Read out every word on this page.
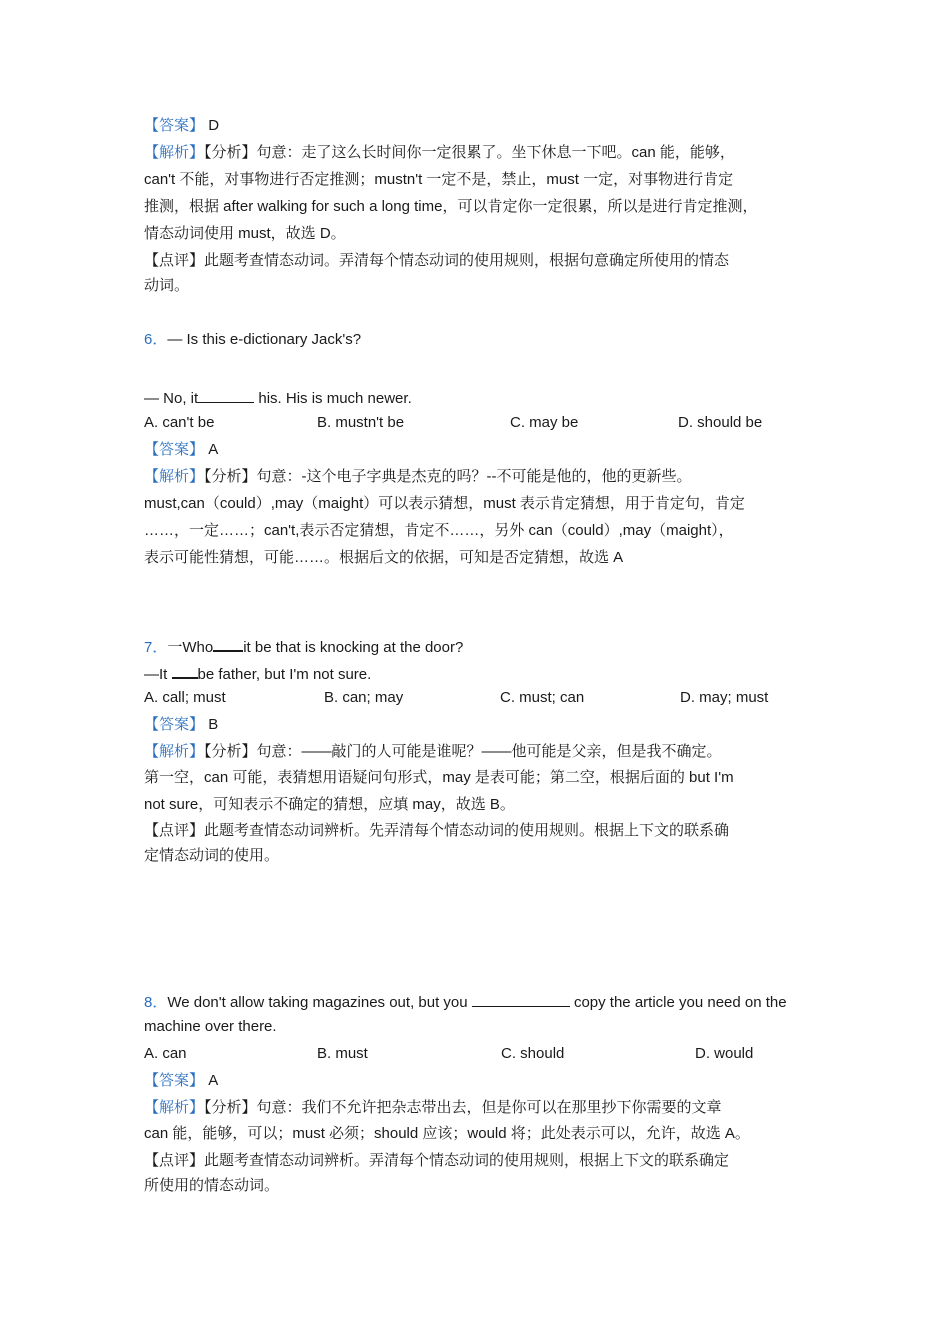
【答案】 D
【解析】【分析】句意：走了这么长时间你一定很累了。坐下休息一下吧。can 能，能够，
can't 不能，对事物进行否定推测；mustn't 一定不是，禁止，must 一定，对事物进行肯定
推测，根据 after walking for such a long time，可以肯定你一定很累，所以是进行肯定推测，
情态动词使用 must，故选 D。
【点评】此题考查情态动词。弄清每个情态动词的使用规则，根据句意确定所使用的情态
动词。
6．— Is this e-dictionary Jack's?
— No, it	his. His is much newer.
A. can't be	B. mustn't be	C. may be	D. should be
【答案】 A
【解析】【分析】句意：-这个电子字典是杰克的吗？--不可能是他的，他的更新些。
must,can（could）,may（maight）可以表示猜想，must 表示肯定猜想，用于肯定句，肯定
……，一定……；can't,表示否定猜想，肯定不……，另外 can（could）,may（maight），
表示可能性猜想，可能……。根据后文的依据，可知是否定猜想，故选 A
7．一Who it be that is knocking at the door?
—It be father, but I'm not sure.
A. call; must	B. can; may	C. must; can	D. may; must
【答案】 B
【解析】【分析】句意：——敲门的人可能是谁呢？——他可能是父亲，但是我不确定。
第一空，can 可能，表猜想用语疑问句形式，may 是表可能；第二空，根据后面的 but I'm
not sure，可知表示不确定的猜想，应填 may，故选 B。
【点评】此题考查情态动词辨析。先弄清每个情态动词的使用规则。根据上下文的联系确
定情态动词的使用。
8．We don't allow taking magazines out, but you	copy the article you need on the
machine over there.
A. can	B. must	C. should	D. would
【答案】 A
【解析】【分析】句意：我们不允许把杂志带出去，但是你可以在那里抄下你需要的文章
can 能，能够，可以；must 必须；should 应该；would 将；此处表示可以，允许，故选 A。
【点评】此题考查情态动词辨析。弄清每个情态动词的使用规则，根据上下文的联系确定
所使用的情态动词。
